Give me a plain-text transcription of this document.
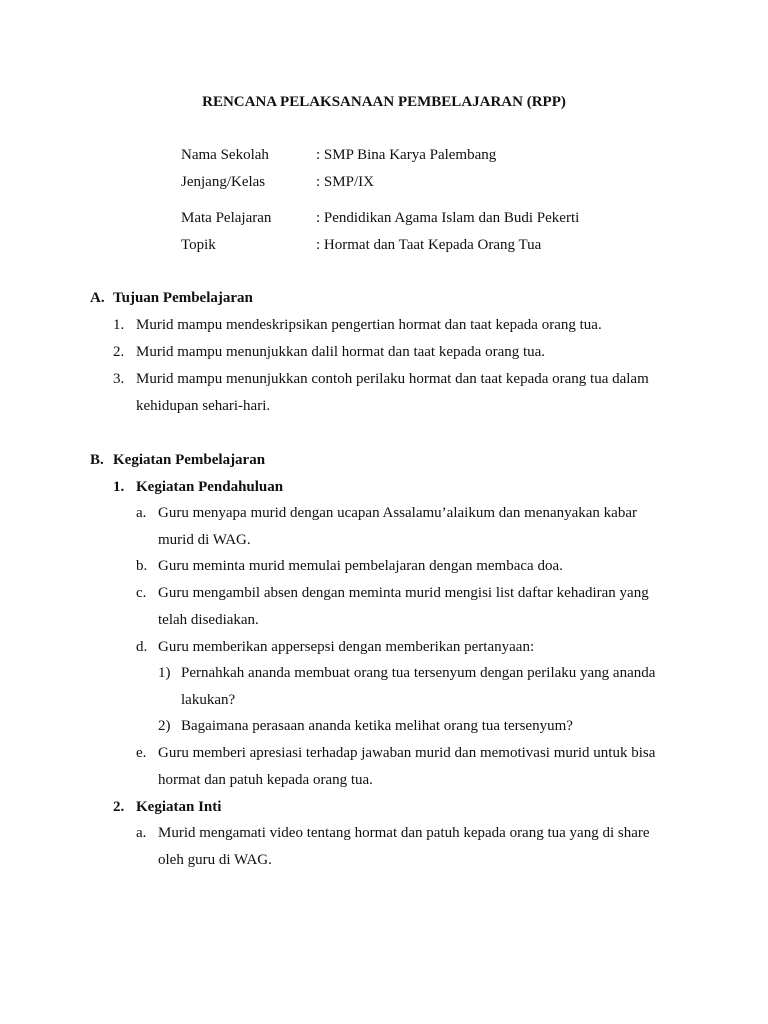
RENCANA PELAKSANAAN PEMBELAJARAN (RPP)
Nama Sekolah	: SMP Bina Karya Palembang
Jenjang/Kelas	: SMP/IX
Mata Pelajaran	: Pendidikan Agama Islam dan Budi Pekerti
Topik	: Hormat dan Taat Kepada Orang Tua
A. Tujuan Pembelajaran
1. Murid mampu mendeskripsikan pengertian hormat dan taat kepada orang tua.
2. Murid mampu menunjukkan dalil hormat dan taat kepada orang tua.
3. Murid mampu menunjukkan contoh perilaku hormat dan taat kepada orang tua dalam
kehidupan sehari-hari.
B. Kegiatan Pembelajaran
1. Kegiatan Pendahuluan
a. Guru menyapa murid dengan ucapan Assalamu’alaikum dan menanyakan kabar
murid di WAG.
b. Guru meminta murid memulai pembelajaran dengan membaca doa.
c. Guru mengambil absen dengan meminta murid mengisi list daftar kehadiran yang
telah disediakan.
d. Guru memberikan appersepsi dengan memberikan pertanyaan:
1) Pernahkah ananda membuat orang tua tersenyum dengan perilaku yang ananda
lakukan?
2) Bagaimana perasaan ananda ketika melihat orang tua tersenyum?
e. Guru memberi apresiasi terhadap jawaban murid dan memotivasi murid untuk bisa
hormat dan patuh kepada orang tua.
2. Kegiatan Inti
a. Murid mengamati video tentang hormat dan patuh kepada orang tua yang di share
oleh guru di WAG.
